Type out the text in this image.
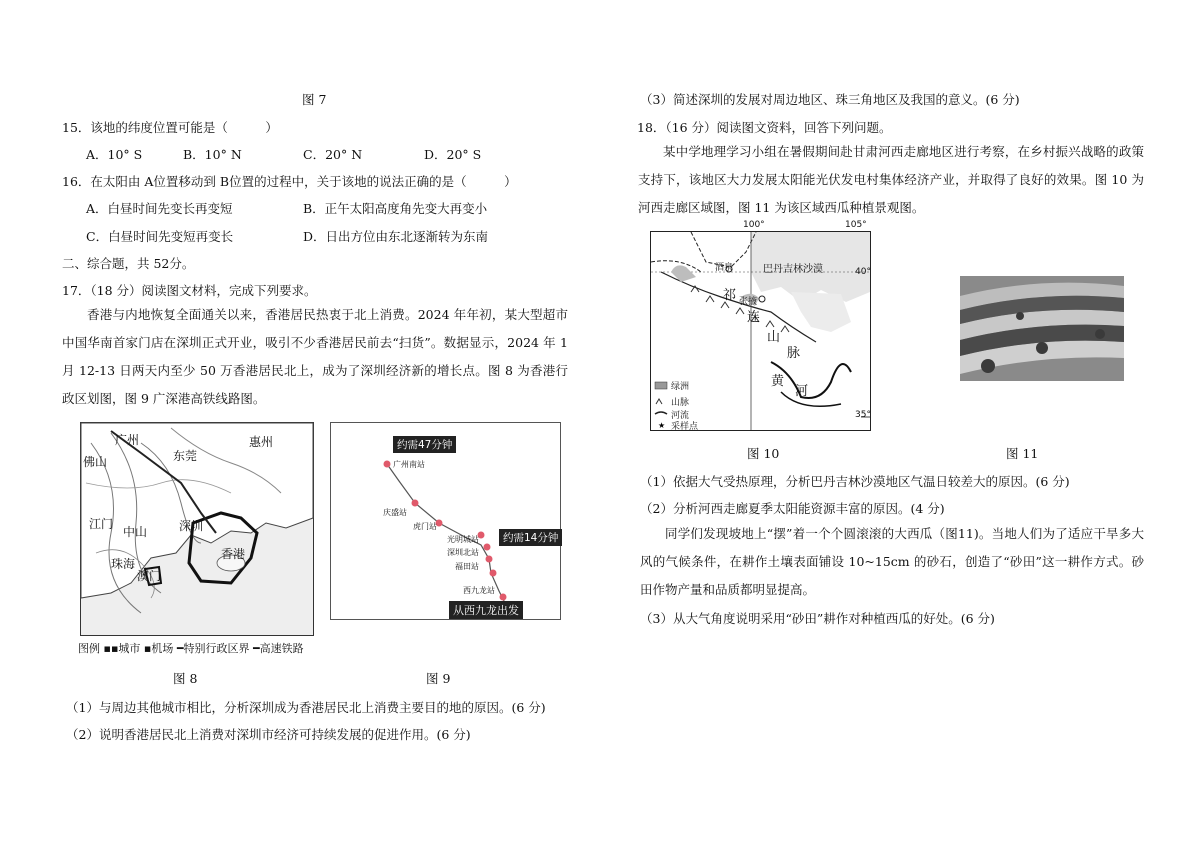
图 7
15．该地的纬度位置可能是（　　　）
A．10° S	B．10° N	C．20° N	D．20° S
16．在太阳由 A位置移动到 B位置的过程中，关于该地的说法正确的是（　　　）
A．白昼时间先变长再变短	B．正午太阳高度角先变大再变小
C．白昼时间先变短再变长	D．日出方位由东北逐渐转为东南
二、综合题，共 52分。
17．（18 分）阅读图文材料，完成下列要求。
香港与内地恢复全面通关以来，香港居民热衷于北上消费。2024 年年初，某大型超市中国华南首家门店在深圳正式开业，吸引不少香港居民前去“扫货”。数据显示，2024 年 1 月 12-13 日两天内至少 50 万香港居民北上，成为了深圳经济新的增长点。图 8 为香港行政区划图，图 9 广深港高铁线路图。
广州
佛山	东莞
惠州
江门
中山	深圳
珠海
澳门
香港
图例 ▪▪城市 ▪机场 ━特别行政区界 ━高速铁路
图 8
约需47分钟
约需14分钟
从西九龙出发
广州南站
庆盛站
虎门站
光明城站
深圳北站
福田站
西九龙站
图 9
（1）与周边其他城市相比，分析深圳成为香港居民北上消费主要目的地的原因。(6 分)
（2）说明香港居民北上消费对深圳市经济可持续发展的促进作用。(6 分)
（3）简述深圳的发展对周边地区、珠三角地区及我国的意义。(6 分)
18．（16 分）阅读图文资料，回答下列问题。
某中学地理学习小组在暑假期间赴甘肃河西走廊地区进行考察，在乡村振兴战略的政策支持下，该地区大力发展太阳能光伏发电村集体经济产业，并取得了良好的效果。图 10 为河西走廊区域图，图 11 为该区域西瓜种植景观图。
★
100°	105°
40°
35°
巴丹吉林沙漠
酒泉
张掖
祁
连
山
脉
黄
河
绿洲
山脉
河流
采样点
图 10	图 11
（1）依据大气受热原理，分析巴丹吉林沙漠地区气温日较差大的原因。(6 分)
（2）分析河西走廊夏季太阳能资源丰富的原因。(4 分)
同学们发现坡地上“摆”着一个个圆滚滚的大西瓜（图11)。当地人们为了适应干旱多大风的气候条件，在耕作土壤表面铺设 10~15cm 的砂石，创造了“砂田”这一耕作方式。砂田作物产量和品质都明显提高。
（3）从大气角度说明采用“砂田”耕作对种植西瓜的好处。(6 分)
